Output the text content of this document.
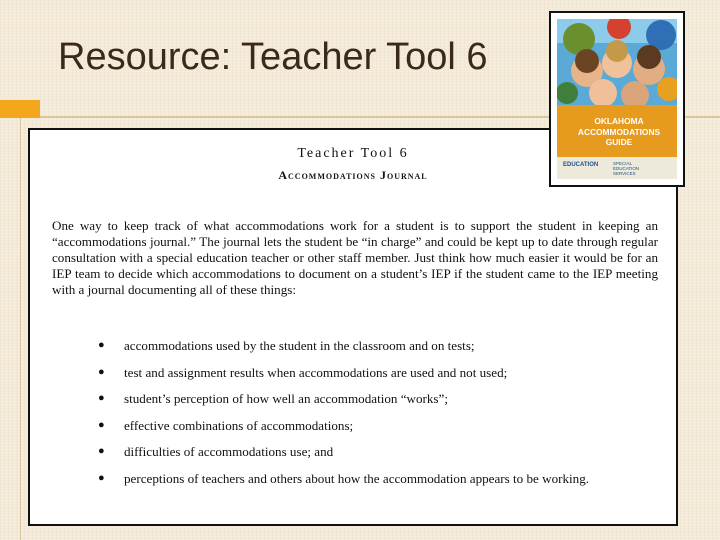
Resource: Teacher Tool 6
Teacher Tool 6
Accommodations Journal
One way to keep track of what accommodations work for a student is to support the student in keeping an “accommodations journal.” The journal lets the student be “in charge” and could be kept up to date through regular consultation with a special education teacher or other staff member. Just think how much easier it would be for an IEP team to decide which accommodations to document on a student’s IEP if the student came to the IEP meeting with a journal documenting all of these things:
● accommodations used by the student in the classroom and on tests;
● test and assignment results when accommodations are used and not used;
● student’s perception of how well an accommodation “works”;
● effective combinations of accommodations;
● difficulties of accommodations use; and
● perceptions of teachers and others about how the accommodation appears to be working.
OKLAHOMA
ACCOMMODATIONS
GUIDE
EDUCATION	SPECIAL
EDUCATION
SERVICES
